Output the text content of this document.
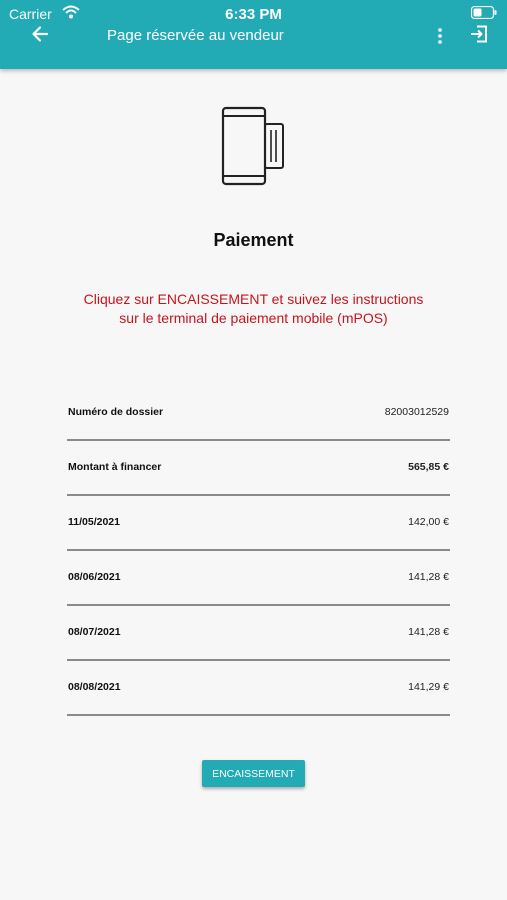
Carrier	6:33 PM
Page réservée au vendeur
Paiement
Cliquez sur ENCAISSEMENT et suivez les instructions
sur le terminal de paiement mobile (mPOS)
Numéro de dossier	82003012529
Montant à financer	565,85 €
11/05/2021	142,00 €
08/06/2021	141,28 €
08/07/2021	141,28 €
08/08/2021	141,29 €
ENCAISSEMENT
